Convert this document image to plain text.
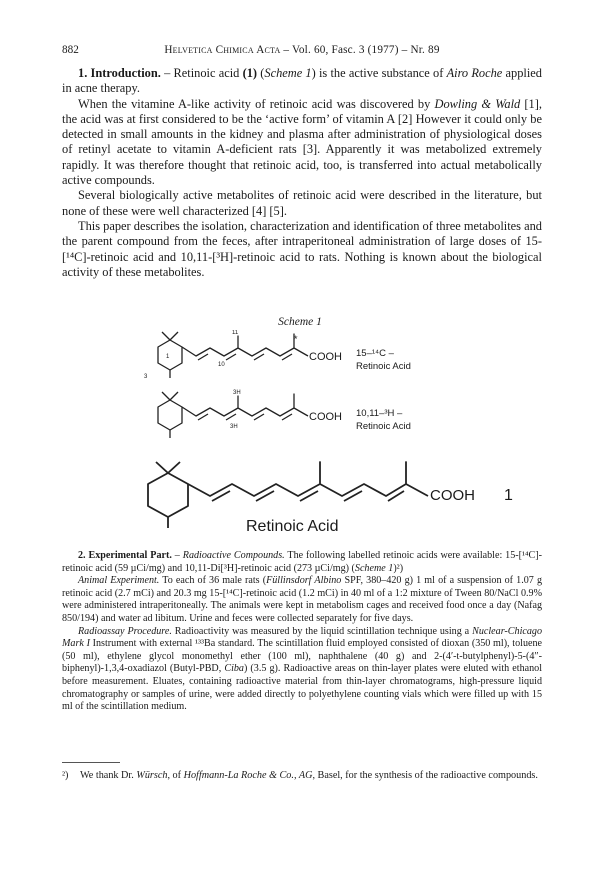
882	Helvetica Chimica Acta – Vol. 60, Fasc. 3 (1977) – Nr. 89

1. Introduction. – Retinoic acid (1) (Scheme 1) is the active substance of Airo Roche applied in acne therapy.

When the vitamine A-like activity of retinoic acid was discovered by Dowling & Wald [1], the acid was at first considered to be the ‘active form’ of vitamin A [2] However it could only be detected in small amounts in the kidney and plasma after administration of physiological doses of retinyl acetate to vitamin A-deficient rats [3]. Apparently it was metabolized extremely rapidly. It was therefore thought that retinoic acid, too, is transferred into actual metabolically active compounds.

Several biologically active metabolites of retinoic acid were described in the literature, but none of these were well characterized [4] [5].

This paper describes the isolation, characterization and identification of three metabolites and the parent compound from the feces, after intraperitoneal administration of large doses of 15-[¹⁴C]-retinoic acid and 10,11-[³H]-retinoic acid to rats. Nothing is known about the biological activity of these metabolites.

Scheme 1
COOH
*
11
10
1
3
15–¹⁴C –
Retinoic Acid
COOH
3H
3H
10,11–³H –
Retinoic Acid
COOH 1
Retinoic Acid

2. Experimental Part. – Radioactive Compounds. The following labelled retinoic acids were available: 15-[¹⁴C]-retinoic acid (59 µCi/mg) and 10,11-Di[³H]-retinoic acid (273 µCi/mg) (Scheme 1)²)

Animal Experiment. To each of 36 male rats (Füllinsdorf Albino SPF, 380–420 g) 1 ml of a suspension of 1.07 g retinoic acid (2.7 mCi) and 20.3 mg 15-[¹⁴C]-retinoic acid (1.2 mCi) in 40 ml of a 1:2 mixture of Tween 80/NaCl 0.9% were administered intraperitoneally. The animals were kept in metabolism cages and received food once a day (Nafag 850/194) and water ad libitum. Urine and feces were collected separately for five days.

Radioassay Procedure. Radioactivity was measured by the liquid scintillation technique using a Nuclear-Chicago Mark I Instrument with external ¹³³Ba standard. The scintillation fluid employed consisted of dioxan (350 ml), toluene (50 ml), ethylene glycol monomethyl ether (100 ml), naphthalene (40 g) and 2-(4′-t-butylphenyl)-5-(4″-biphenyl)-1,3,4-oxadiazol (Butyl-PBD, Ciba) (3.5 g). Radioactive areas on thin-layer plates were eluted with ethanol before measurement. Eluates, containing radioactive material from thin-layer chromatograms, high-pressure liquid chromatography or samples of urine, were added directly to polyethylene counting vials which were filled up with 15 ml of the scintillation medium.

²) We thank Dr. Würsch, of Hoffmann-La Roche & Co., AG, Basel, for the synthesis of the radioactive compounds.
